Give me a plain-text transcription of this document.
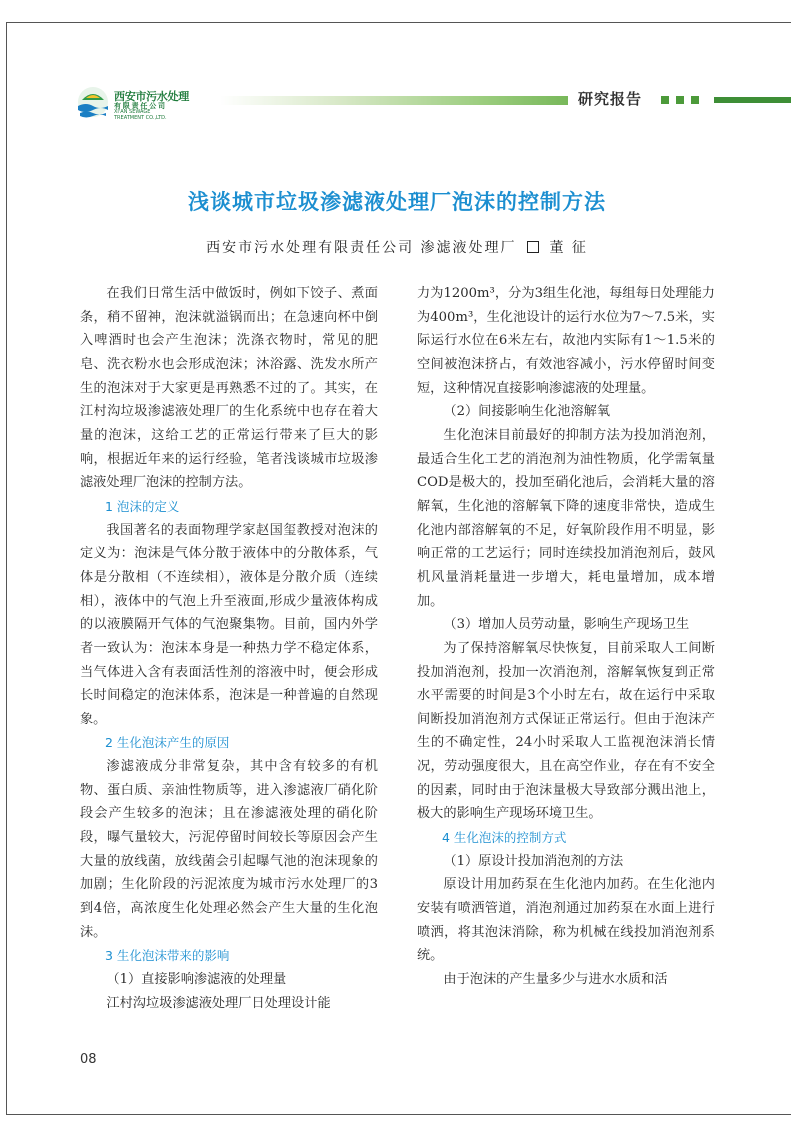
西安市污水处理
有限责任公司
XI'AN SEWAGE
TREATMENT CO.,LTD.
研究报告
浅谈城市垃圾渗滤液处理厂泡沫的控制方法
西安市污水处理有限责任公司 渗滤液处理厂 董 征

在我们日常生活中做饭时，例如下饺子、煮面条，稍不留神，泡沫就溢锅而出；在急速向杯中倒入啤酒时也会产生泡沫；洗涤衣物时，常见的肥皂、洗衣粉水也会形成泡沫；沐浴露、洗发水所产生的泡沫对于大家更是再熟悉不过的了。其实，在江村沟垃圾渗滤液处理厂的生化系统中也存在着大量的泡沫，这给工艺的正常运行带来了巨大的影响，根据近年来的运行经验，笔者浅谈城市垃圾渗滤液处理厂泡沫的控制方法。

1 泡沫的定义

我国著名的表面物理学家赵国玺教授对泡沫的定义为：泡沫是气体分散于液体中的分散体系，气体是分散相（不连续相），液体是分散介质（连续相），液体中的气泡上升至液面,形成少量液体构成的以液膜隔开气体的气泡聚集物。目前，国内外学者一致认为：泡沫本身是一种热力学不稳定体系，当气体进入含有表面活性剂的溶液中时，便会形成长时间稳定的泡沫体系，泡沫是一种普遍的自然现象。

2 生化泡沫产生的原因

渗滤液成分非常复杂，其中含有较多的有机物、蛋白质、亲油性物质等，进入渗滤液厂硝化阶段会产生较多的泡沫；且在渗滤液处理的硝化阶段，曝气量较大，污泥停留时间较长等原因会产生大量的放线菌，放线菌会引起曝气池的泡沫现象的加剧；生化阶段的污泥浓度为城市污水处理厂的3到4倍，高浓度生化处理必然会产生大量的生化泡沫。

3 生化泡沫带来的影响

（1）直接影响渗滤液的处理量

江村沟垃圾渗滤液处理厂日处理设计能

力为1200m³，分为3组生化池，每组每日处理能力为400m³，生化池设计的运行水位为7～7.5米，实际运行水位在6米左右，故池内实际有1～1.5米的空间被泡沫挤占，有效池容减小，污水停留时间变短，这种情况直接影响渗滤液的处理量。

（2）间接影响生化池溶解氧

生化泡沫目前最好的抑制方法为投加消泡剂，最适合生化工艺的消泡剂为油性物质，化学需氧量COD是极大的，投加至硝化池后，会消耗大量的溶解氧，生化池的溶解氧下降的速度非常快，造成生化池内部溶解氧的不足，好氧阶段作用不明显，影响正常的工艺运行；同时连续投加消泡剂后，鼓风机风量消耗量进一步增大，耗电量增加，成本增加。

（3）增加人员劳动量，影响生产现场卫生

为了保持溶解氧尽快恢复，目前采取人工间断投加消泡剂，投加一次消泡剂，溶解氧恢复到正常水平需要的时间是3个小时左右，故在运行中采取间断投加消泡剂方式保证正常运行。但由于泡沫产生的不确定性，24小时采取人工监视泡沫消长情况，劳动强度很大，且在高空作业，存在有不安全的因素，同时由于泡沫量极大导致部分溅出池上，极大的影响生产现场环境卫生。

4 生化泡沫的控制方式

（1）原设计投加消泡剂的方法

原设计用加药泵在生化池内加药。在生化池内安装有喷洒管道，消泡剂通过加药泵在水面上进行喷洒，将其泡沫消除，称为机械在线投加消泡剂系统。

由于泡沫的产生量多少与进水水质和活

08
